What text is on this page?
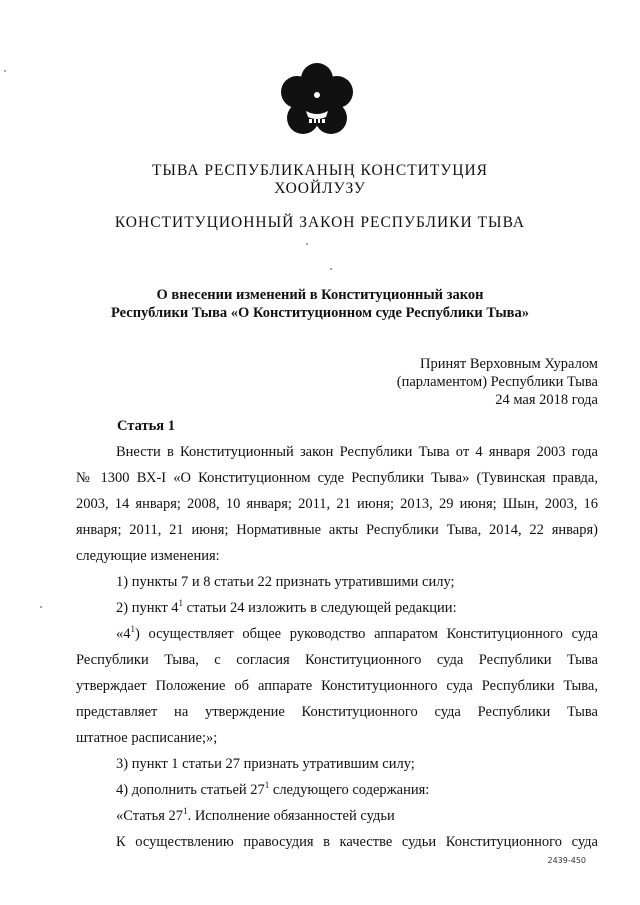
ТЫВА РЕСПУБЛИКАНЫҢ КОНСТИТУЦИЯ
ХООЙЛУЗУ
КОНСТИТУЦИОННЫЙ ЗАКОН РЕСПУБЛИКИ ТЫВА
О внесении изменений в Конституционный закон
Республики Тыва «О Конституционном суде Республики Тыва»
Принят Верховным Хуралом
(парламентом) Республики Тыва
24 мая 2018 года
Статья 1
Внести в Конституционный закон Республики Тыва от 4 января 2003 года
№ 1300 ВХ-I «О Конституционном суде Республики Тыва» (Тувинская правда,
2003, 14 января; 2008, 10 января; 2011, 21 июня; 2013, 29 июня; Шын, 2003, 16
января; 2011, 21 июня; Нормативные акты Республики Тыва, 2014, 22 января)
следующие изменения:
1) пункты 7 и 8 статьи 22 признать утратившими силу;
2) пункт $4^1$ статьи 24 изложить в следующей редакции:
«$4^1$) осуществляет общее руководство аппаратом Конституционного суда
Республики Тыва, с согласия Конституционного суда Республики Тыва
утверждает Положение об аппарате Конституционного суда Республики Тыва,
представляет на утверждение Конституционного суда Республики Тыва
штатное расписание;»;
3) пункт 1 статьи 27 признать утратившим силу;
4) дополнить статьей $27^1$ следующего содержания:
«Статья $27^1$. Исполнение обязанностей судьи
К осуществлению правосудия в качестве судьи Конституционного суда
2439-450
